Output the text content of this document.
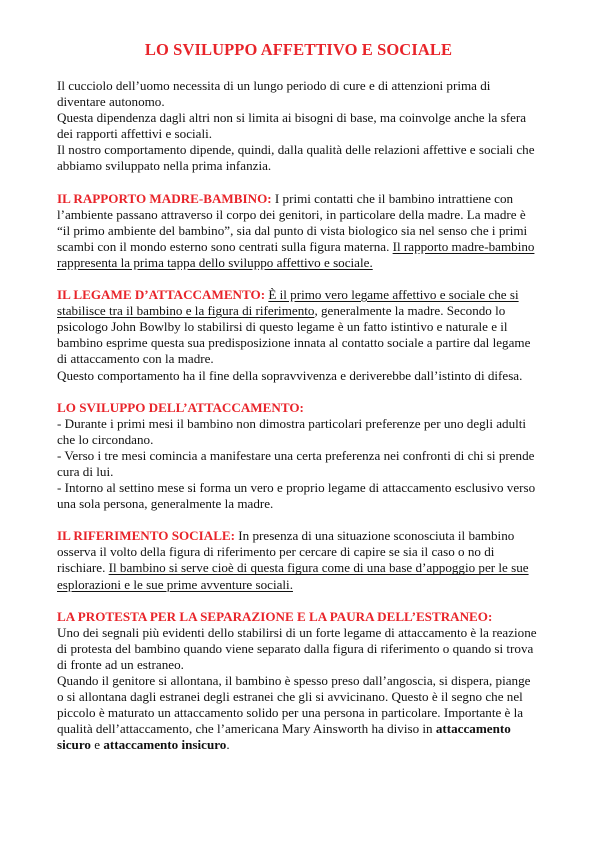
LO SVILUPPO AFFETTIVO E SOCIALE

Il cucciolo dell’uomo necessita di un lungo periodo di cure e di attenzioni prima di diventare autonomo.

Questa dipendenza dagli altri non si limita ai bisogni di base, ma coinvolge anche la sfera dei rapporti affettivi e sociali.

Il nostro comportamento dipende, quindi, dalla qualità delle relazioni affettive e sociali che abbiamo sviluppato nella prima infanzia.

IL RAPPORTO MADRE-BAMBINO: I primi contatti che il bambino intrattiene con l’ambiente passano attraverso il corpo dei genitori, in particolare della madre. La madre è “il primo ambiente del bambino”, sia dal punto di vista biologico sia nel senso che i primi scambi con il mondo esterno sono centrati sulla figura materna. Il rapporto madre-bambino rappresenta la prima tappa dello sviluppo affettivo e sociale.

IL LEGAME D’ATTACCAMENTO: È il primo vero legame affettivo e sociale che si stabilisce tra il bambino e la figura di riferimento, generalmente la madre. Secondo lo psicologo John Bowlby lo stabilirsi di questo legame è un fatto istintivo e naturale e il bambino esprime questa sua predisposizione innata al contatto sociale a partire dal legame di attaccamento con la madre.

Questo comportamento ha il fine della sopravvivenza e deriverebbe dall’istinto di difesa.

LO SVILUPPO DELL’ATTACCAMENTO:

- Durante i primi mesi il bambino non dimostra particolari preferenze per uno degli adulti che lo circondano.

- Verso i tre mesi comincia a manifestare una certa preferenza nei confronti di chi si prende cura di lui.

- Intorno al settino mese si forma un vero e proprio legame di attaccamento esclusivo verso una sola persona, generalmente la madre.

IL RIFERIMENTO SOCIALE: In presenza di una situazione sconosciuta il bambino osserva il volto della figura di riferimento per cercare di capire se sia il caso o no di rischiare. Il bambino si serve cioè di questa figura come di una base d’appoggio per le sue esplorazioni e le sue prime avventure sociali.

LA PROTESTA PER LA SEPARAZIONE E LA PAURA DELL’ESTRANEO:

Uno dei segnali più evidenti dello stabilirsi di un forte legame di attaccamento è la reazione di protesta del bambino quando viene separato dalla figura di riferimento o quando si trova di fronte ad un estraneo.

Quando il genitore si allontana, il bambino è spesso preso dall’angoscia, si dispera, piange o si allontana dagli estranei degli estranei che gli si avvicinano. Questo è il segno che nel piccolo è maturato un attaccamento solido per una persona in particolare. Importante è la qualità dell’attaccamento, che l’americana Mary Ainsworth ha diviso in attaccamento sicuro e attaccamento insicuro.
